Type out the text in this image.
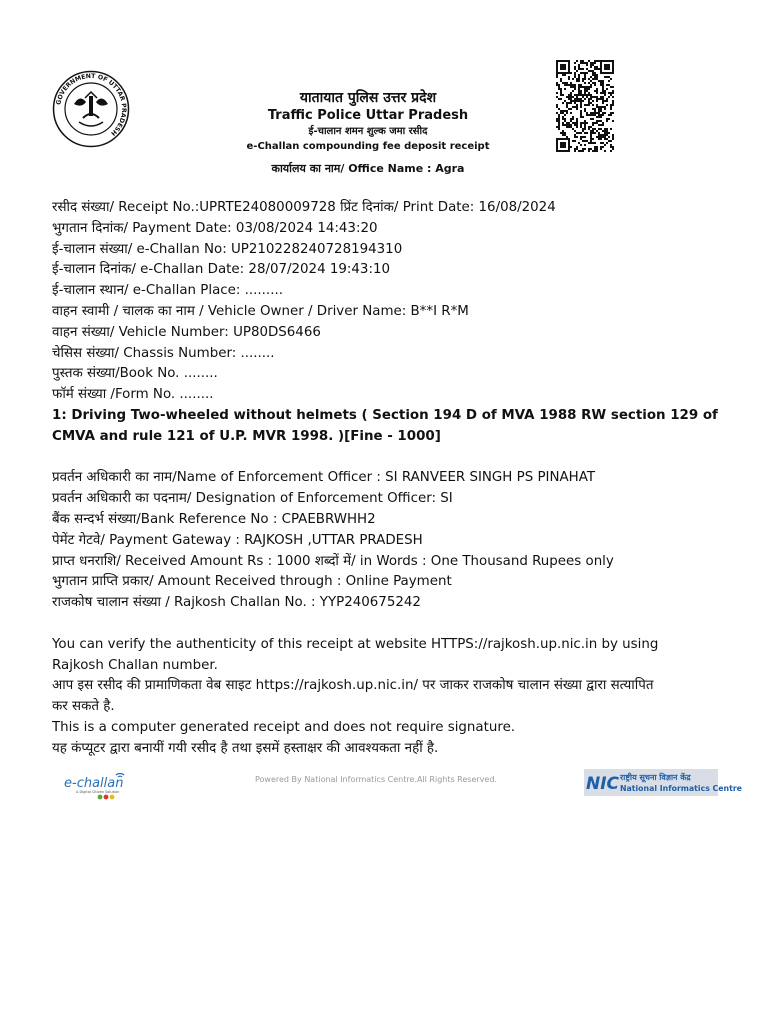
GOVERNMENT OF UTTAR PRADESH
यातायात पुलिस उत्तर प्रदेश
Traffic Police Uttar Pradesh
ई-चालान शमन शुल्क जमा रसीद
e-Challan compounding fee deposit receipt
कार्यालय का नाम/ Office Name : Agra
रसीद संख्या/ Receipt No.:UPRTE24080009728 प्रिंट दिनांक/ Print Date: 16/08/2024
भुगतान दिनांक/ Payment Date: 03/08/2024 14:43:20
ई-चालान संख्या/ e-Challan No: UP210228240728194310
ई-चालान दिनांक/ e-Challan Date: 28/07/2024 19:43:10
ई-चालान स्थान/ e-Challan Place: .........
वाहन स्वामी / चालक का नाम / Vehicle Owner / Driver Name: B**I R*M
वाहन संख्या/ Vehicle Number: UP80DS6466
चेसिस संख्या/ Chassis Number: ........
पुस्तक संख्या/Book No. ........
फॉर्म संख्या /Form No. ........
1: Driving Two-wheeled without helmets ( Section 194 D of MVA 1988 RW section 129 of CMVA and rule 121 of U.P. MVR 1998. )[Fine - 1000]
प्रवर्तन अधिकारी का नाम/Name of Enforcement Officer : SI RANVEER SINGH PS PINAHAT
प्रवर्तन अधिकारी का पदनाम/ Designation of Enforcement Officer: SI
बैंक सन्दर्भ संख्या/Bank Reference No : CPAEBRWHH2
पेमेंट गेटवे/ Payment Gateway : RAJKOSH ,UTTAR PRADESH
प्राप्त धनराशि/ Received Amount Rs : 1000 शब्दों में/ in Words : One Thousand Rupees only
भुगतान प्राप्ति प्रकार/ Amount Received through : Online Payment
राजकोष चालान संख्या / Rajkosh Challan No. : YYP240675242
You can verify the authenticity of this receipt at website HTTPS://rajkosh.up.nic.in by using
Rajkosh Challan number.
आप इस रसीद की प्रामाणिकता वेब साइट https://rajkosh.up.nic.in/ पर जाकर राजकोष चालान संख्या द्वारा सत्यापित
कर सकते है.
This is a computer generated receipt and does not require signature.
यह कंप्यूटर द्वारा बनायीं गयी रसीद है तथा इसमें हस्ताक्षर की आवश्यकता नहीं है.
e-challan
A Digital Citizen Solution
Powered By National Informatics Centre.All Rights Reserved.	NIC राष्ट्रीय सूचना विज्ञान केंद्र
National Informatics Centre
